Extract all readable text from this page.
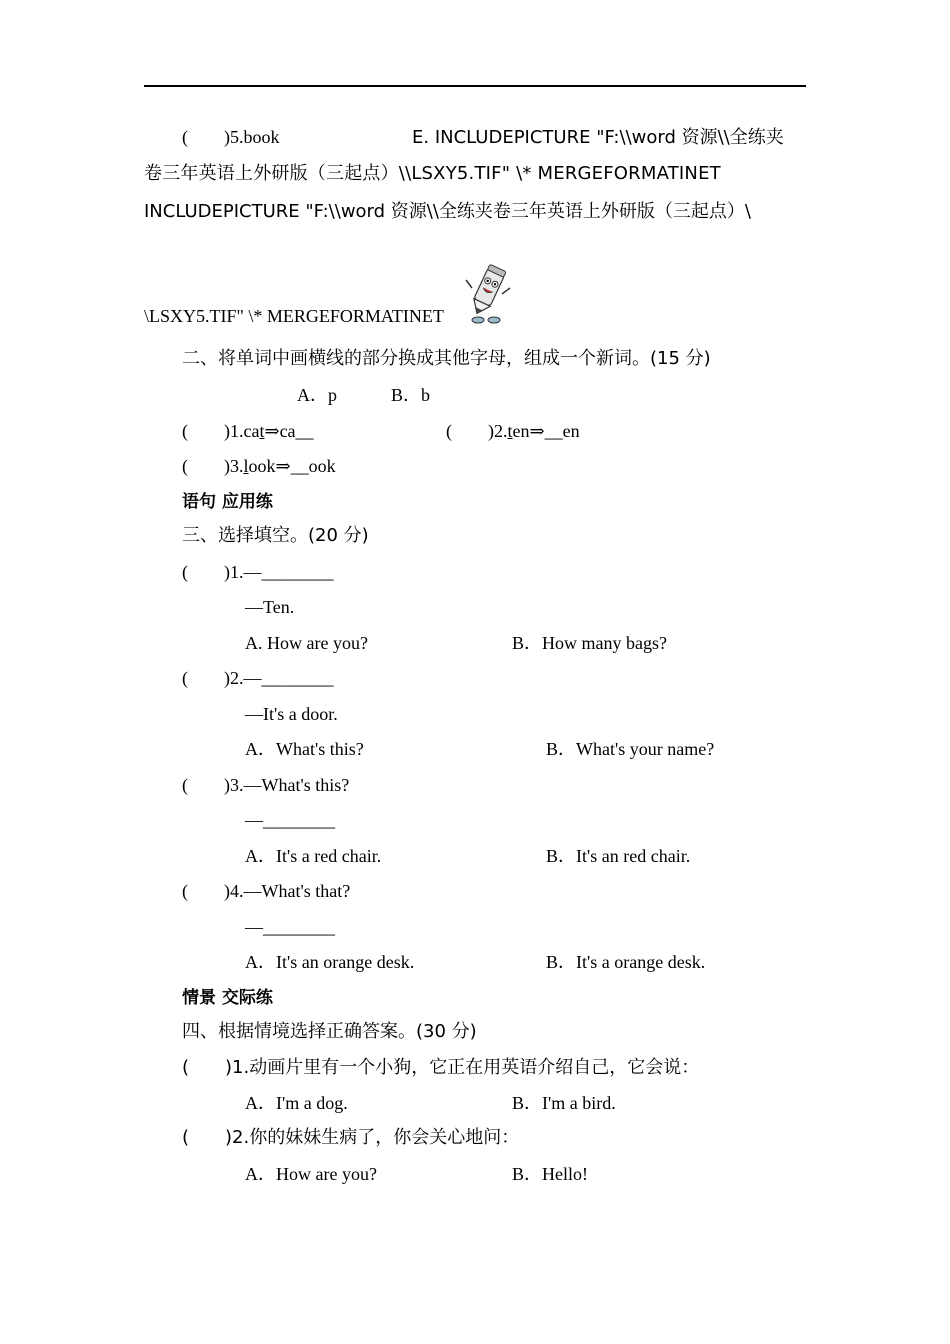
(　　)5.book	E. INCLUDEPICTURE "F:\\word 资源\\全练夹
卷三年英语上外研版（三起点）\\LSXY5.TIF" \* MERGEFORMATINET
INCLUDEPICTURE "F:\\word 资源\\全练夹卷三年英语上外研版（三起点）\
\LSXY5.TIF" \* MERGEFORMATINET
二、将单词中画横线的部分换成其他字母，组成一个新词。(15 分)
A．p　　　B．b
(　　)1.cat⇒ca__	(　　)2.ten⇒__en
(　　)3.look⇒__ook
语句 应用练
三、选择填空。(20 分)
(　　)1.—________
—Ten.
A. How are you?	B．How many bags?
(　　)2.—________
—It's a door.
A．What's this?	B．What's your name?
(　　)3.—What's this?
—________
A．It's a red chair.	B．It's an red chair.
(　　)4.—What's that?
—________
A．It's an orange desk.	B．It's a orange desk.
情景 交际练
四、根据情境选择正确答案。(30 分)
(　　)1.动画片里有一个小狗，它正在用英语介绍自己，它会说：
A．I'm a dog.	B．I'm a bird.
(　　)2.你的妹妹生病了，你会关心地问：
A．How are you?	B．Hello!
